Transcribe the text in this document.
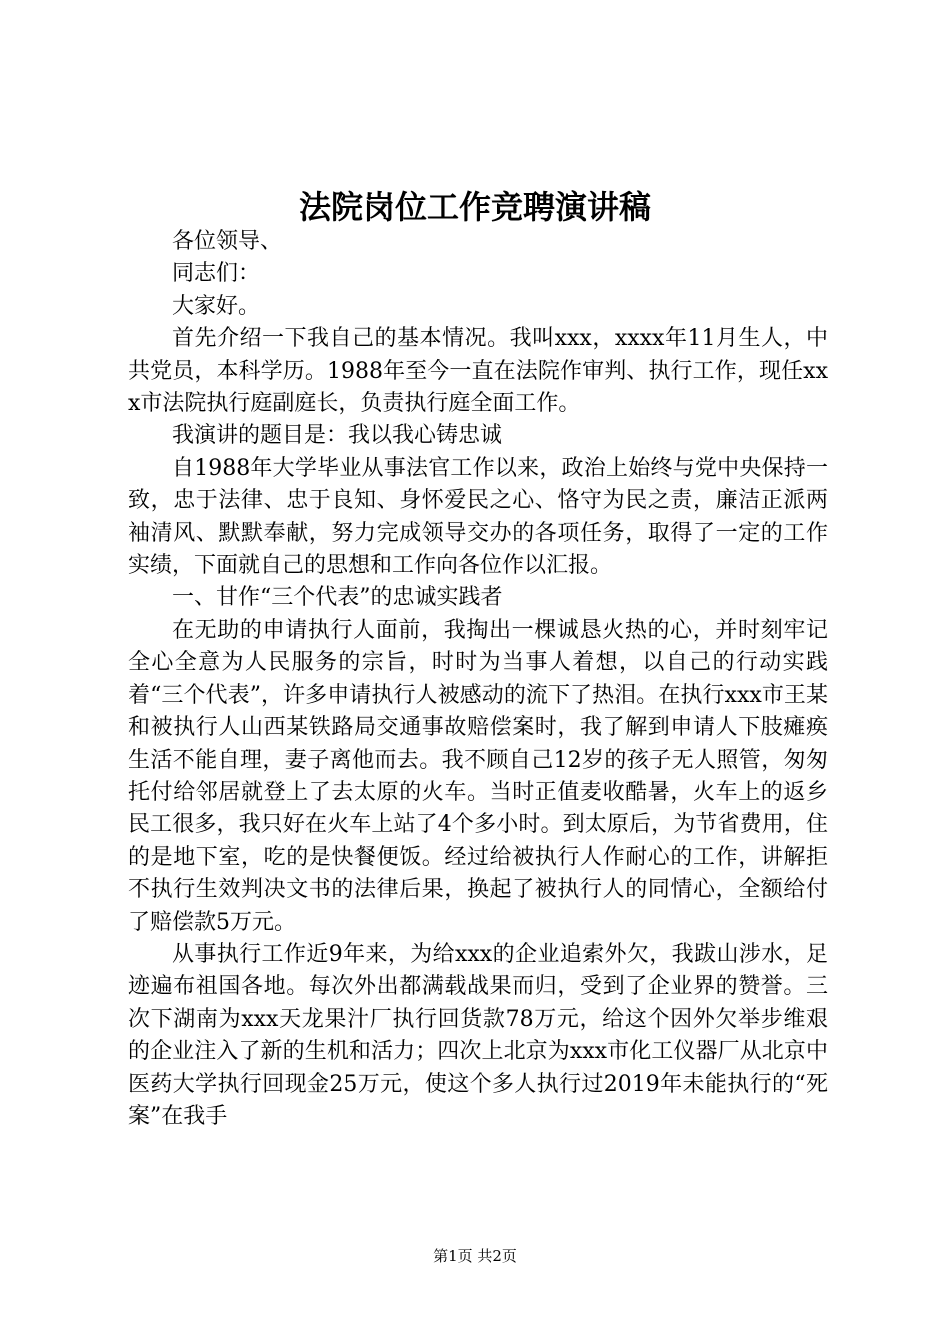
法院岗位工作竞聘演讲稿

各位领导、

同志们：

大家好。

首先介绍一下我自己的基本情况。我叫xxx，xxxx年11月生人，中共党员，本科学历。1988年至今一直在法院作审判、执行工作，现任xxx市法院执行庭副庭长，负责执行庭全面工作。

我演讲的题目是：我以我心铸忠诚

自1988年大学毕业从事法官工作以来，政治上始终与党中央保持一致，忠于法律、忠于良知、身怀爱民之心、恪守为民之责，廉洁正派两袖清风、默默奉献，努力完成领导交办的各项任务，取得了一定的工作实绩，下面就自己的思想和工作向各位作以汇报。

一、甘作“三个代表”的忠诚实践者

在无助的申请执行人面前，我掏出一棵诚恳火热的心，并时刻牢记全心全意为人民服务的宗旨，时时为当事人着想，以自己的行动实践着“三个代表”，许多申请执行人被感动的流下了热泪。在执行xxx市王某和被执行人山西某铁路局交通事故赔偿案时，我了解到申请人下肢瘫痪生活不能自理，妻子离他而去。我不顾自己12岁的孩子无人照管，匆匆托付给邻居就登上了去太原的火车。当时正值麦收酷暑，火车上的返乡民工很多，我只好在火车上站了4个多小时。到太原后，为节省费用，住的是地下室，吃的是快餐便饭。经过给被执行人作耐心的工作，讲解拒不执行生效判决文书的法律后果，换起了被执行人的同情心，全额给付了赔偿款5万元。

从事执行工作近9年来，为给xxx的企业追索外欠，我跋山涉水，足迹遍布祖国各地。每次外出都满载战果而归，受到了企业界的赞誉。三次下湖南为xxx天龙果汁厂执行回货款78万元，给这个因外欠举步维艰的企业注入了新的生机和活力；四次上北京为xxx市化工仪器厂从北京中医药大学执行回现金25万元，使这个多人执行过2019年未能执行的“死案”在我手

第1页 共2页
